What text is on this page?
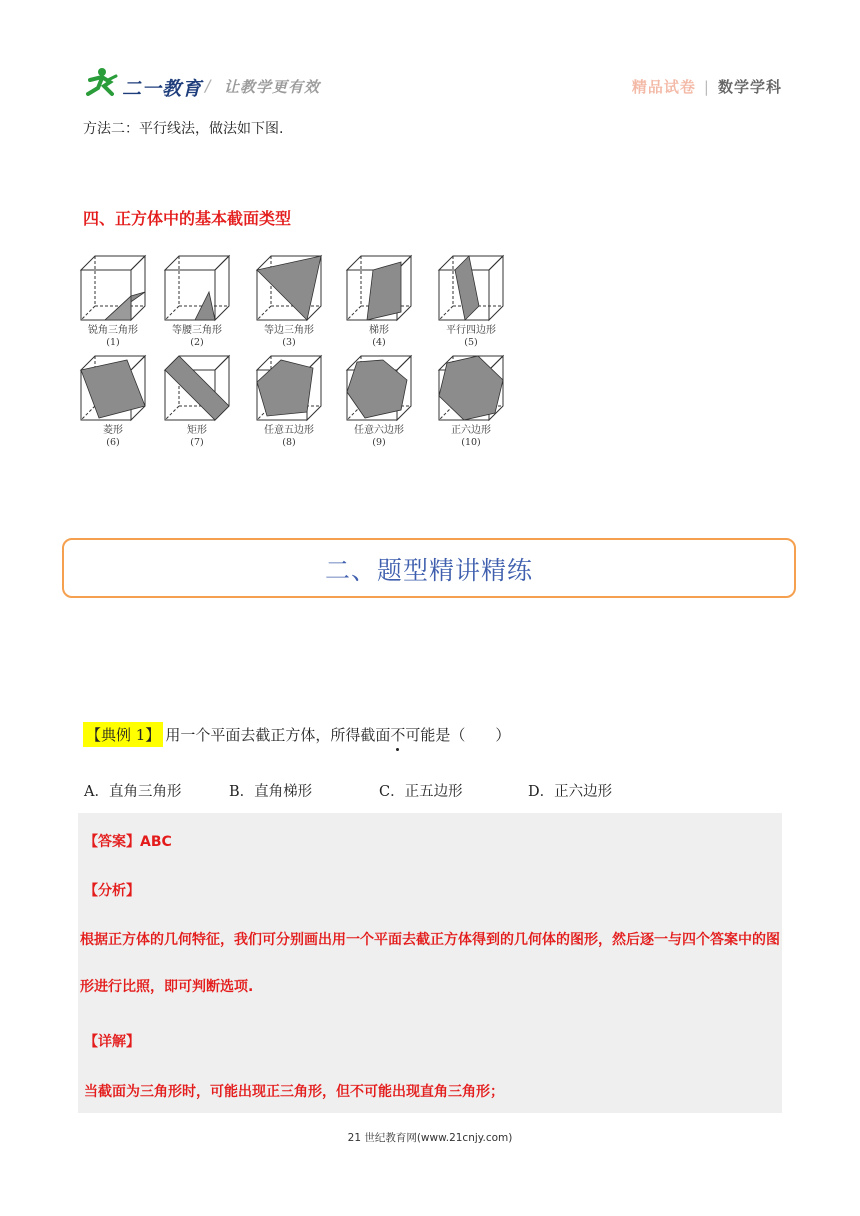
二一教育 / 让教学更有效	精品试卷 | 数学学科
方法二：平行线法，做法如下图.
四、正方体中的基本截面类型
锐角三角形
(1)
等腰三角形
(2)
等边三角形
(3)
梯形
(4)
平行四边形
(5)
菱形
(6)
矩形
(7)
任意五边形
(8)
任意六边形
(9)
正六边形
(10)
二、题型精讲精练
【典例 1】 用一个平面去截正方体，所得截面 不 可能是（　　）
A．直角三角形	B．直角梯形	C．正五边形	D．正六边形
【答案】ABC
【分析】
根据正方体的几何特征，我们可分别画出用一个平面去截正方体得到的几何体的图形，然后逐一与四个答案中的图形进行比照，即可判断选项.
【详解】
当截面为三角形时，可能出现正三角形，但不可能出现直角三角形；
21 世纪教育网(www.21cnjy.com)
